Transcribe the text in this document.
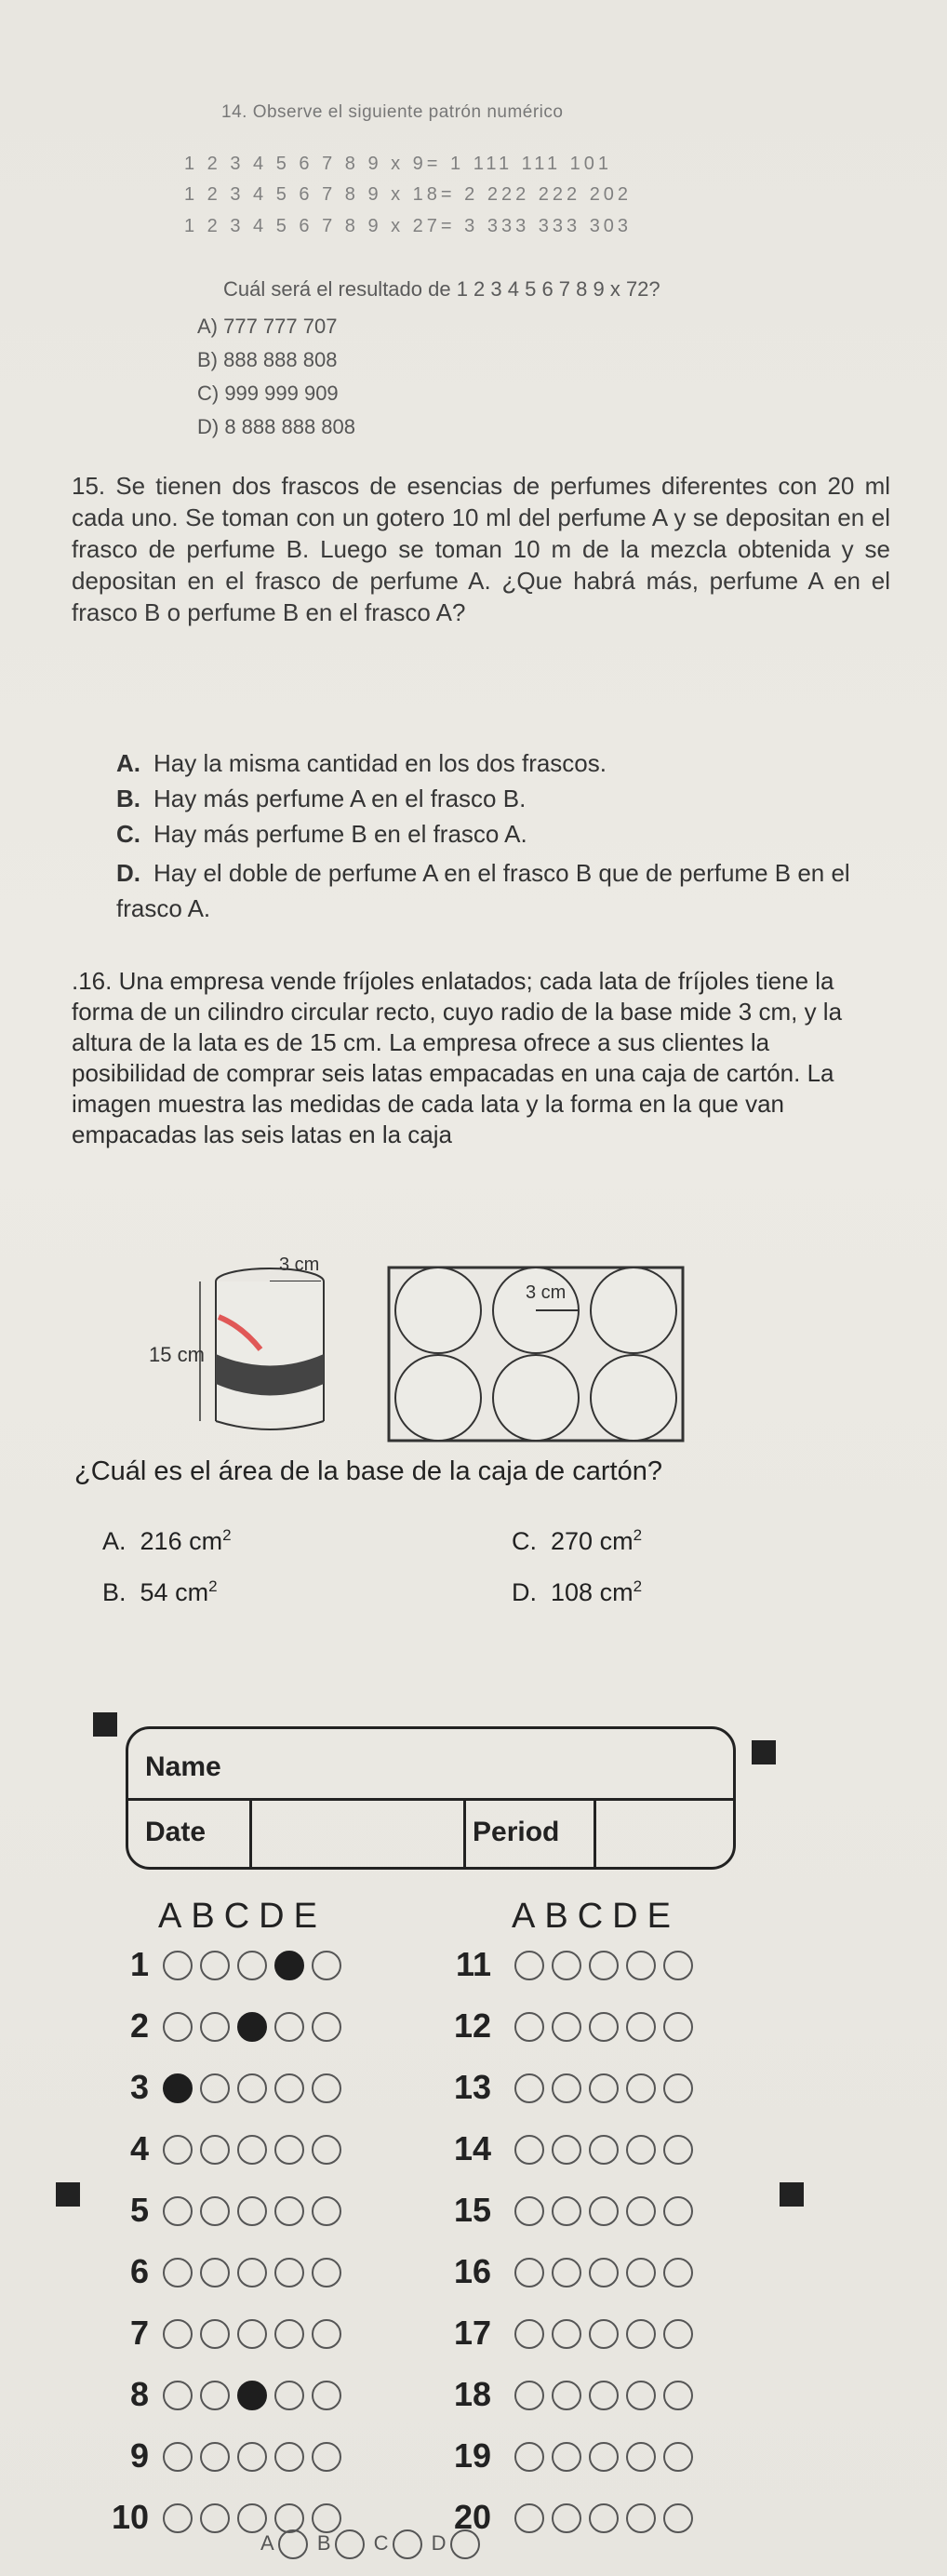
14. Observe el siguiente patrón numérico
1 2 3 4 5 6 7 8 9 x 9= 1 111 111 101
1 2 3 4 5 6 7 8 9 x 18= 2 222 222 202
1 2 3 4 5 6 7 8 9 x 27= 3 333 333 303
Cuál será el resultado de 1 2 3 4 5 6 7 8 9 x 72?
A) 777 777 707
B) 888 888 808
C) 999 999 909
D) 8 888 888 808
15. Se tienen dos frascos de esencias de perfumes diferentes con 20 ml cada uno. Se toman con un gotero 10 ml del perfume A y se depositan en el frasco de perfume B. Luego se toman 10 m de la mezcla obtenida y se depositan en el frasco de perfume A. ¿Que habrá más, perfume A en el frasco B o perfume B en el frasco A?
A. Hay la misma cantidad en los dos frascos.
B. Hay más perfume A en el frasco B.
C. Hay más perfume B en el frasco A.
D. Hay el doble de perfume A en el frasco B que de perfume B en el frasco A.
.16. Una empresa vende fríjoles enlatados; cada lata de fríjoles tiene la forma de un cilindro circular recto, cuyo radio de la base mide 3 cm, y la altura de la lata es de 15 cm. La empresa ofrece a sus clientes la posibilidad de comprar seis latas empacadas en una caja de cartón. La imagen muestra las medidas de cada lata y la forma en la que van empacadas las seis latas en la caja
15 cm
3 cm
3 cm
¿Cuál es el área de la base de la caja de cartón?
A. 216 $cm^2$
B. 54 $cm^2$
C. 270 $cm^2$
D. 108 $cm^2$
Name
Date	Period
ABCDE	ABCDE
1
2
3
4
5
6
7
8
9
10
11
12
13
14
15
16
17
18
19
20
A B C D
